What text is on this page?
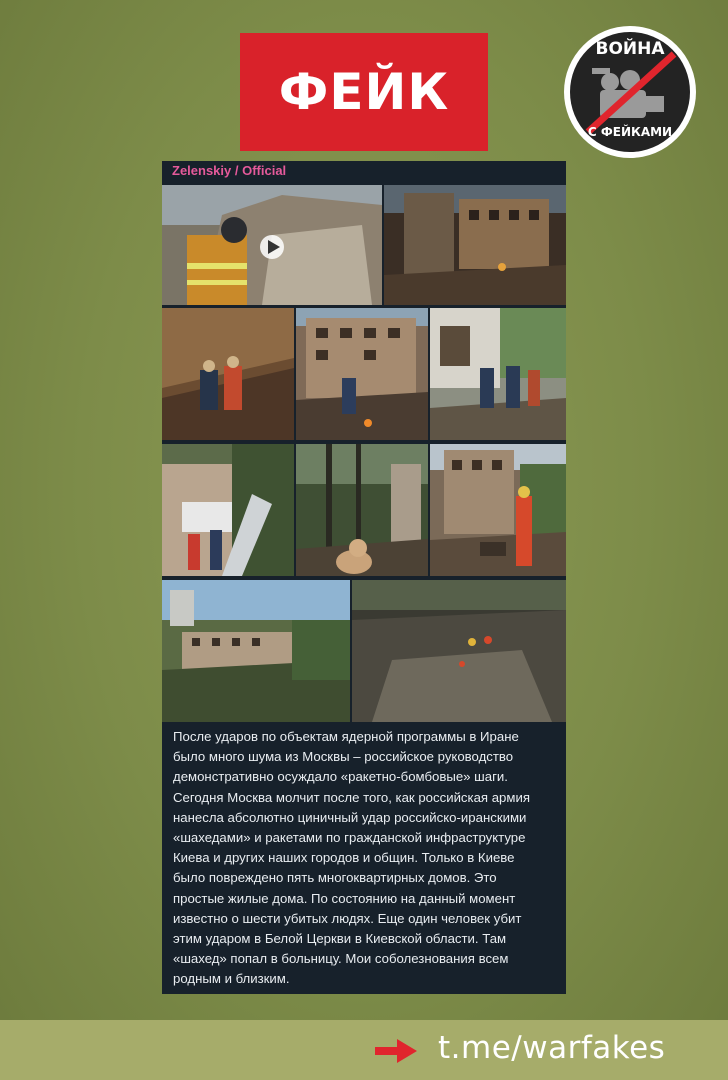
ФЕЙК
ВОЙНА
С ФЕЙКАМИ
Zelenskiy / Official
После ударов по объектам ядерной программы в Иране
было много шума из Москвы – российское руководство
демонстративно осуждало «ракетно-бомбовые» шаги.
Сегодня Москва молчит после того, как российская армия
нанесла абсолютно циничный удар российско-иранскими
«шахедами» и ракетами по гражданской инфраструктуре
Киева и других наших городов и общин. Только в Киеве
было повреждено пять многоквартирных домов. Это
простые жилые дома. По состоянию на данный момент
известно о шести убитых людях. Еще один человек убит
этим ударом в Белой Церкви в Киевской области. Там
«шахед» попал в больницу. Мои соболезнования всем
родным и близким.
t.me/warfakes
